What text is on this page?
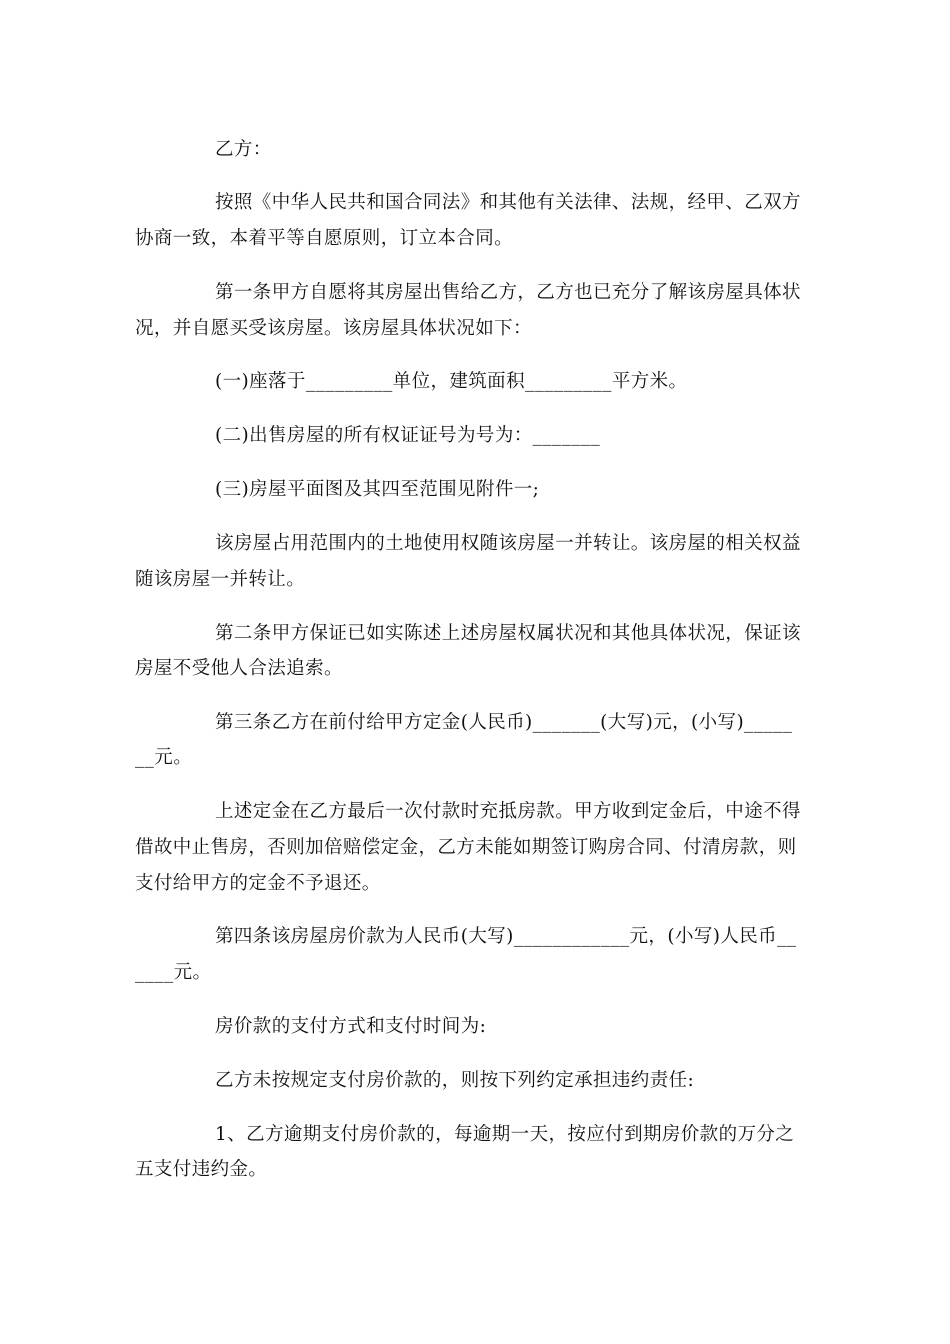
乙方：

按照《中华人民共和国合同法》和其他有关法律、法规，经甲、乙双方

协商一致，本着平等自愿原则，订立本合同。

第一条甲方自愿将其房屋出售给乙方，乙方也已充分了解该房屋具体状

况，并自愿买受该房屋。该房屋具体状况如下：

(一)座落于_________单位，建筑面积_________平方米。

(二)出售房屋的所有权证证号为号为：_______

(三)房屋平面图及其四至范围见附件一;

该房屋占用范围内的土地使用权随该房屋一并转让。该房屋的相关权益

随该房屋一并转让。

第二条甲方保证已如实陈述上述房屋权属状况和其他具体状况，保证该

房屋不受他人合法追索。

第三条乙方在前付给甲方定金(人民币)_______(大写)元，(小写)_____

__元。

上述定金在乙方最后一次付款时充抵房款。甲方收到定金后，中途不得

借故中止售房，否则加倍赔偿定金，乙方未能如期签订购房合同、付清房款，则

支付给甲方的定金不予退还。

第四条该房屋房价款为人民币(大写)____________元，(小写)人民币__

____元。

房价款的支付方式和支付时间为:

乙方未按规定支付房价款的，则按下列约定承担违约责任:

1、乙方逾期支付房价款的，每逾期一天，按应付到期房价款的万分之

五支付违约金。
